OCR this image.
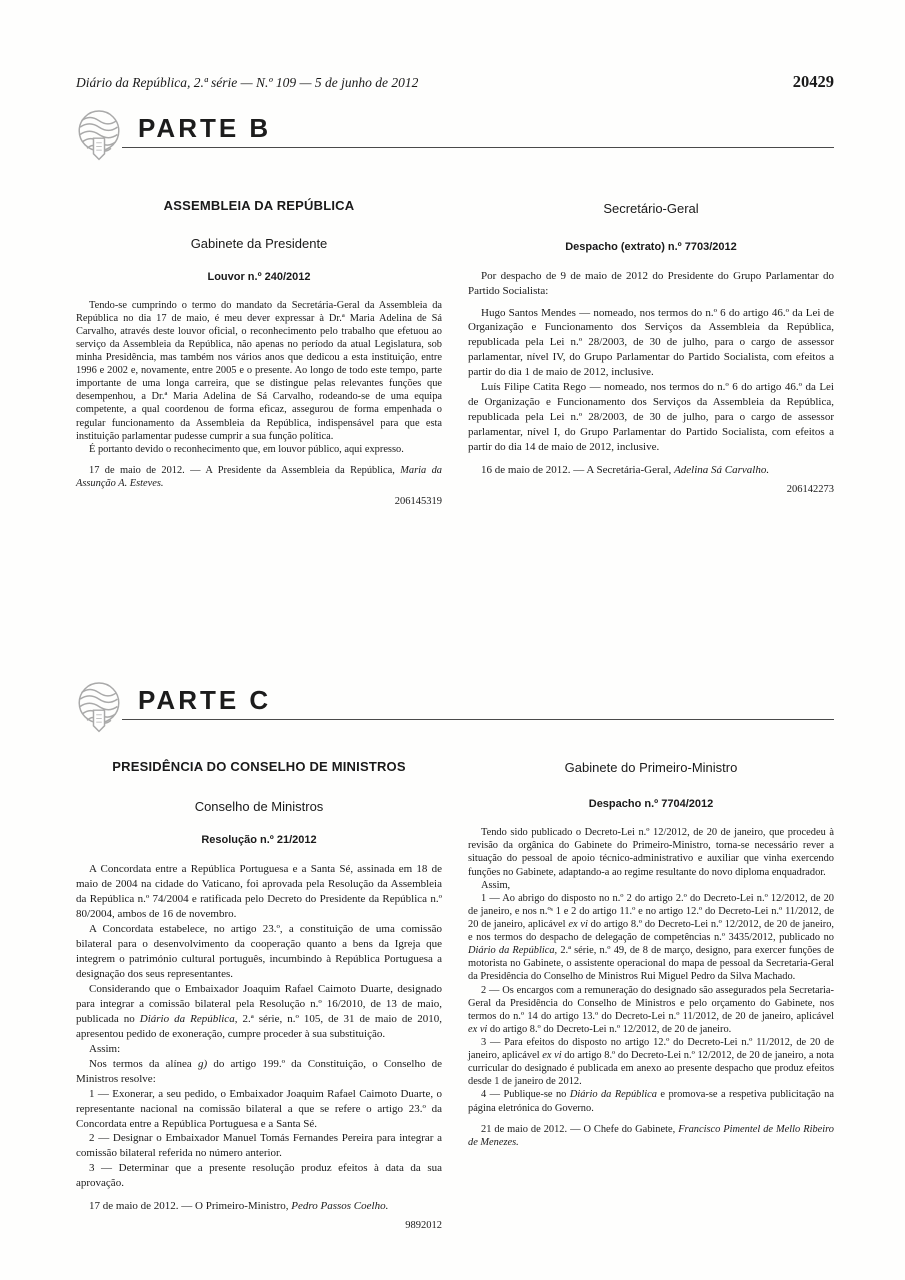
Diário da República, 2.ª série — N.º 109 — 5 de junho de 2012	20429
PARTE B
ASSEMBLEIA DA REPÚBLICA
Gabinete da Presidente
Louvor n.º 240/2012

Tendo-se cumprindo o termo do mandato da Secretária-Geral da Assembleia da República no dia 17 de maio, é meu dever expressar à Dr.ª Maria Adelina de Sá Carvalho, através deste louvor oficial, o reconhecimento pelo trabalho que efetuou ao serviço da Assembleia da República, não apenas no período da atual Legislatura, sob minha Presidência, mas também nos vários anos que dedicou a esta instituição, entre 1996 e 2002 e, novamente, entre 2005 e o presente. Ao longo de todo este tempo, parte importante de uma longa carreira, que se distingue pelas relevantes funções que desempenhou, a Dr.ª Maria Adelina de Sá Carvalho, rodeando-se de uma equipa competente, a qual coordenou de forma eficaz, assegurou de forma empenhada o regular funcionamento da Assembleia da República, indispensável para que esta instituição parlamentar pudesse cumprir a sua função política.

É portanto devido o reconhecimento que, em louvor público, aqui expresso.

17 de maio de 2012. — A Presidente da Assembleia da República, Maria da Assunção A. Esteves.

206145319
Secretário-Geral
Despacho (extrato) n.º 7703/2012

Por despacho de 9 de maio de 2012 do Presidente do Grupo Parlamentar do Partido Socialista:

Hugo Santos Mendes — nomeado, nos termos do n.º 6 do artigo 46.º da Lei de Organização e Funcionamento dos Serviços da Assembleia da República, republicada pela Lei n.º 28/2003, de 30 de julho, para o cargo de assessor parlamentar, nível IV, do Grupo Parlamentar do Partido Socialista, com efeitos a partir do dia 1 de maio de 2012, inclusive.

Luís Filipe Catita Rego — nomeado, nos termos do n.º 6 do artigo 46.º da Lei de Organização e Funcionamento dos Serviços da Assembleia da República, republicada pela Lei n.º 28/2003, de 30 de julho, para o cargo de assessor parlamentar, nível I, do Grupo Parlamentar do Partido Socialista, com efeitos a partir do dia 14 de maio de 2012, inclusive.

16 de maio de 2012. — A Secretária-Geral, Adelina Sá Carvalho.

206142273
PARTE C
PRESIDÊNCIA DO CONSELHO DE MINISTROS
Conselho de Ministros
Resolução n.º 21/2012

A Concordata entre a República Portuguesa e a Santa Sé, assinada em 18 de maio de 2004 na cidade do Vaticano, foi aprovada pela Resolução da Assembleia da República n.º 74/2004 e ratificada pelo Decreto do Presidente da República n.º 80/2004, ambos de 16 de novembro.

A Concordata estabelece, no artigo 23.º, a constituição de uma comissão bilateral para o desenvolvimento da cooperação quanto a bens da Igreja que integrem o património cultural português, incumbindo à República Portuguesa a designação dos seus representantes.

Considerando que o Embaixador Joaquim Rafael Caimoto Duarte, designado para integrar a comissão bilateral pela Resolução n.º 16/2010, de 13 de maio, publicada no Diário da República, 2.ª série, n.º 105, de 31 de maio de 2010, apresentou pedido de exoneração, cumpre proceder à sua substituição.

Assim:

Nos termos da alínea g) do artigo 199.º da Constituição, o Conselho de Ministros resolve:

1 — Exonerar, a seu pedido, o Embaixador Joaquim Rafael Caimoto Duarte, o representante nacional na comissão bilateral a que se refere o artigo 23.º da Concordata entre a República Portuguesa e a Santa Sé.

2 — Designar o Embaixador Manuel Tomás Fernandes Pereira para integrar a comissão bilateral referida no número anterior.

3 — Determinar que a presente resolução produz efeitos à data da sua aprovação.

17 de maio de 2012. — O Primeiro-Ministro, Pedro Passos Coelho.

9892012
Gabinete do Primeiro-Ministro
Despacho n.º 7704/2012

Tendo sido publicado o Decreto-Lei n.º 12/2012, de 20 de janeiro, que procedeu à revisão da orgânica do Gabinete do Primeiro-Ministro, torna-se necessário rever a situação do pessoal de apoio técnico-administrativo e auxiliar que vinha exercendo funções no Gabinete, adaptando-a ao regime resultante do novo diploma enquadrador.

Assim,

1 — Ao abrigo do disposto no n.º 2 do artigo 2.º do Decreto-Lei n.º 12/2012, de 20 de janeiro, e nos n.ºˢ 1 e 2 do artigo 11.º e no artigo 12.º do Decreto-Lei n.º 11/2012, de 20 de janeiro, aplicável ex vi do artigo 8.º do Decreto-Lei n.º 12/2012, de 20 de janeiro, e nos termos do despacho de delegação de competências n.º 3435/2012, publicado no Diário da República, 2.ª série, n.º 49, de 8 de março, designo, para exercer funções de motorista no Gabinete, o assistente operacional do mapa de pessoal da Secretaria-Geral da Presidência do Conselho de Ministros Rui Miguel Pedro da Silva Machado.

2 — Os encargos com a remuneração do designado são assegurados pela Secretaria-Geral da Presidência do Conselho de Ministros e pelo orçamento do Gabinete, nos termos do n.º 14 do artigo 13.º do Decreto-Lei n.º 11/2012, de 20 de janeiro, aplicável ex vi do artigo 8.º do Decreto-Lei n.º 12/2012, de 20 de janeiro.

3 — Para efeitos do disposto no artigo 12.º do Decreto-Lei n.º 11/2012, de 20 de janeiro, aplicável ex vi do artigo 8.º do Decreto-Lei n.º 12/2012, de 20 de janeiro, a nota curricular do designado é publicada em anexo ao presente despacho que produz efeitos desde 1 de janeiro de 2012.

4 — Publique-se no Diário da República e promova-se a respetiva publicitação na página eletrónica do Governo.

21 de maio de 2012. — O Chefe do Gabinete, Francisco Pimentel de Mello Ribeiro de Menezes.
